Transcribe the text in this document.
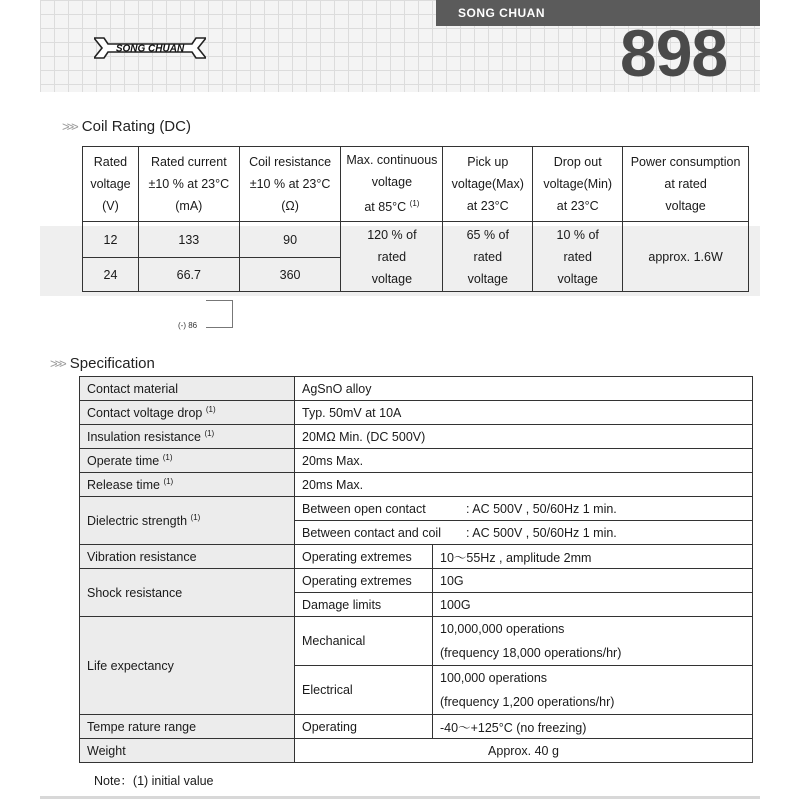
SONG CHUAN
898
SONG CHUAN
>>> Coil Rating (DC)
Rated
voltage
(V)	Rated current
±10 % at 23°C
(mA)	Coil resistance
±10 % at 23°C
(Ω)	Max. continuous
voltage
at 85°C $^{(1)}$	Pick up
voltage(Max)
at 23°C	Drop out
voltage(Min)
at 23°C	Power consumption
at rated
voltage
12	133	90	120 % of
rated
voltage	65 % of
rated
voltage	10 % of
rated
voltage	approx. 1.6W
24	66.7	360				
(-) 86
>>> Specification
Contact material	AgSnO alloy	
Contact voltage drop $^{(1)}$	Typ. 50mV at 10A	
Insulation resistance $^{(1)}$	20MΩ Min. (DC 500V)	
Operate time $^{(1)}$	20ms Max.	
Release time $^{(1)}$	20ms Max.	
Dielectric strength $^{(1)}$	Between open contact : AC 500V , 50/60Hz 1 min.	
	Between contact and coil : AC 500V , 50/60Hz 1 min.	
Vibration resistance	Operating extremes	10～55Hz , amplitude 2mm
Shock resistance	Operating extremes	10G
	Damage limits	100G
Life expectancy	Mechanical	10,000,000 operations
(frequency 18,000 operations/hr)
	Electrical	100,000 operations
(frequency 1,200 operations/hr)
Tempe rature range	Operating	-40～+125°C (no freezing)
Weight	Approx. 40 g	
Note：(1) initial value
